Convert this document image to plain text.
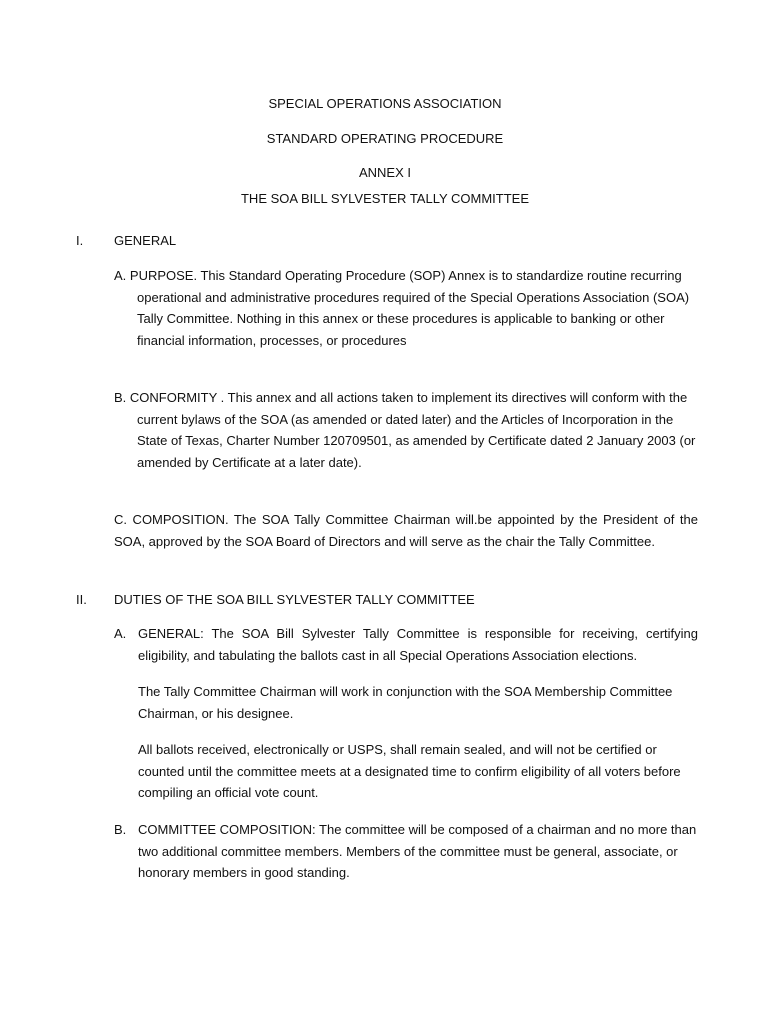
SPECIAL OPERATIONS ASSOCIATION
STANDARD OPERATING PROCEDURE
ANNEX I
THE SOA BILL SYLVESTER TALLY COMMITTEE
I. GENERAL

A. PURPOSE. This Standard Operating Procedure (SOP) Annex is to standardize routine recurring operational and administrative procedures required of the Special Operations Association (SOA) Tally Committee. Nothing in this annex or these procedures is applicable to banking or other financial information, processes, or procedures

B. CONFORMITY . This annex and all actions taken to implement its directives will conform with the current bylaws of the SOA (as amended or dated later) and the Articles of Incorporation in the State of Texas, Charter Number 120709501, as amended by Certificate dated 2 January 2003 (or amended by Certificate at a later date).

C. COMPOSITION. The SOA Tally Committee Chairman will.be appointed by the President of the SOA, approved by the SOA Board of Directors and will serve as the chair the Tally Committee.

II. DUTIES OF THE SOA BILL SYLVESTER TALLY COMMITTEE
A. GENERAL: The SOA Bill Sylvester Tally Committee is responsible for receiving, certifying eligibility, and tabulating the ballots cast in all Special Operations Association elections.

The Tally Committee Chairman will work in conjunction with the SOA Membership Committee Chairman, or his designee.

All ballots received, electronically or USPS, shall remain sealed, and will not be certified or counted until the committee meets at a designated time to confirm eligibility of all voters before compiling an official vote count.

B. COMMITTEE COMPOSITION: The committee will be composed of a chairman and no more than two additional committee members. Members of the committee must be general, associate, or honorary members in good standing.
